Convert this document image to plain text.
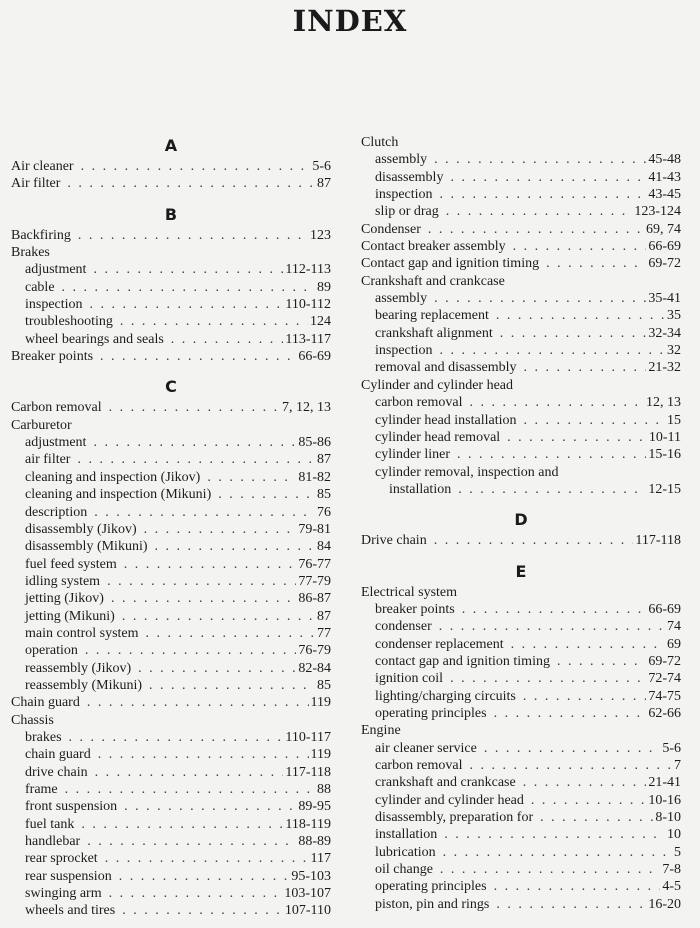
INDEX
A
Air cleaner . . .	5-6
Air filter . . .	87
B
Backfiring . . .	123
Brakes
adjustment . . .	112-113
cable . . .	89
inspection . . .	110-112
troubleshooting . . .	124
wheel bearings and seals . . .	113-117
Breaker points . . .	66-69
C
Carbon removal . . .	7, 12, 13
Carburetor
adjustment . . .	85-86
air filter . . .	87
cleaning and inspection (Jikov) . . .	81-82
cleaning and inspection (Mikuni) . . .	85
description . . .	76
disassembly (Jikov) . . .	79-81
disassembly (Mikuni) . . .	84
fuel feed system . . .	76-77
idling system . . .	77-79
jetting (Jikov) . . .	86-87
jetting (Mikuni) . . .	87
main control system . . .	77
operation . . .	76-79
reassembly (Jikov) . . .	82-84
reassembly (Mikuni) . . .	85
Chain guard . . .	119
Chassis
brakes . . .	110-117
chain guard . . .	119
drive chain . . .	117-118
frame . . .	88
front suspension . . .	89-95
fuel tank . . .	118-119
handlebar . . .	88-89
rear sprocket . . .	117
rear suspension . . .	95-103
swinging arm . . .	103-107
wheels and tires . . .	107-110
Clutch
assembly . . .	45-48
disassembly . . .	41-43
inspection . . .	43-45
slip or drag . . .	123-124
Condenser . . .	69, 74
Contact breaker assembly . . .	66-69
Contact gap and ignition timing . . .	69-72
Crankshaft and crankcase
assembly . . .	35-41
bearing replacement . . .	35
crankshaft alignment . . .	32-34
inspection . . .	32
removal and disassembly . . .	21-32
Cylinder and cylinder head
carbon removal . . .	12, 13
cylinder head installation . . .	15
cylinder head removal . . .	10-11
cylinder liner . . .	15-16
cylinder removal, inspection and
installation . . .	12-15
D
Drive chain . . .	117-118
E
Electrical system
breaker points . . .	66-69
condenser . . .	74
condenser replacement . . .	69
contact gap and ignition timing . . .	69-72
ignition coil . . .	72-74
lighting/charging circuits . . .	74-75
operating principles . . .	62-66
Engine
air cleaner service . . .	5-6
carbon removal . . .	7
crankshaft and crankcase . . .	21-41
cylinder and cylinder head . . .	10-16
disassembly, preparation for . . .	8-10
installation . . .	10
lubrication . . .	5
oil change . . .	7-8
operating principles . . .	4-5
piston, pin and rings . . .	16-20
